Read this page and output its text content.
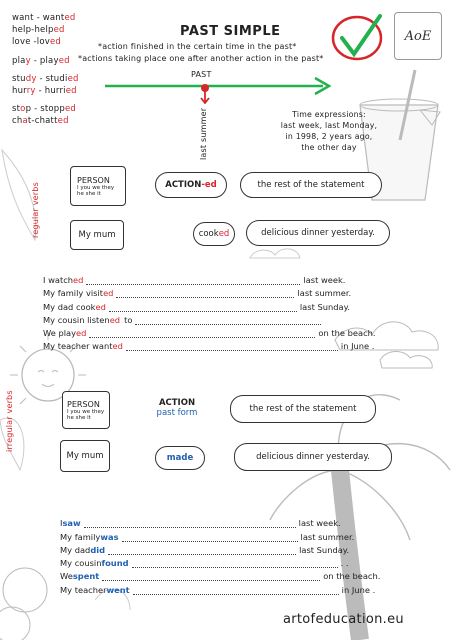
want - wanted
help-helped
love -loved
play - played
study - studied
hurry - hurried
stop - stopped
chat-chatted
PAST SIMPLE
*action finished in the certain time in the past*
*actions taking place one after another action in the past*
AoE
PAST
last summer	Time expressions:
last week, last Monday,
in 1998, 2 years ago,
the other day
regular verbs
PERSON
I you we they
he she it
ACTION -ed	the rest of the statement
My mum	cook ed	delicious dinner yesterday.
I watch ed	last week.
My family visit ed	last summer.
My dad cook ed	last Sunday.
My cousin listen ed to
We play ed	on the beach.
My teacher want ed	in June .
irregular verbs	PERSON
I you we they
he she it
ACTION
past form	the rest of the statement
My mum	made	delicious dinner yesterday.
I saw	last week.
My family was	last summer.
My dad did	last Sunday.
My cousin found	. .
We spent	on the beach.
My teacher went	in June .
artofeducation.eu
